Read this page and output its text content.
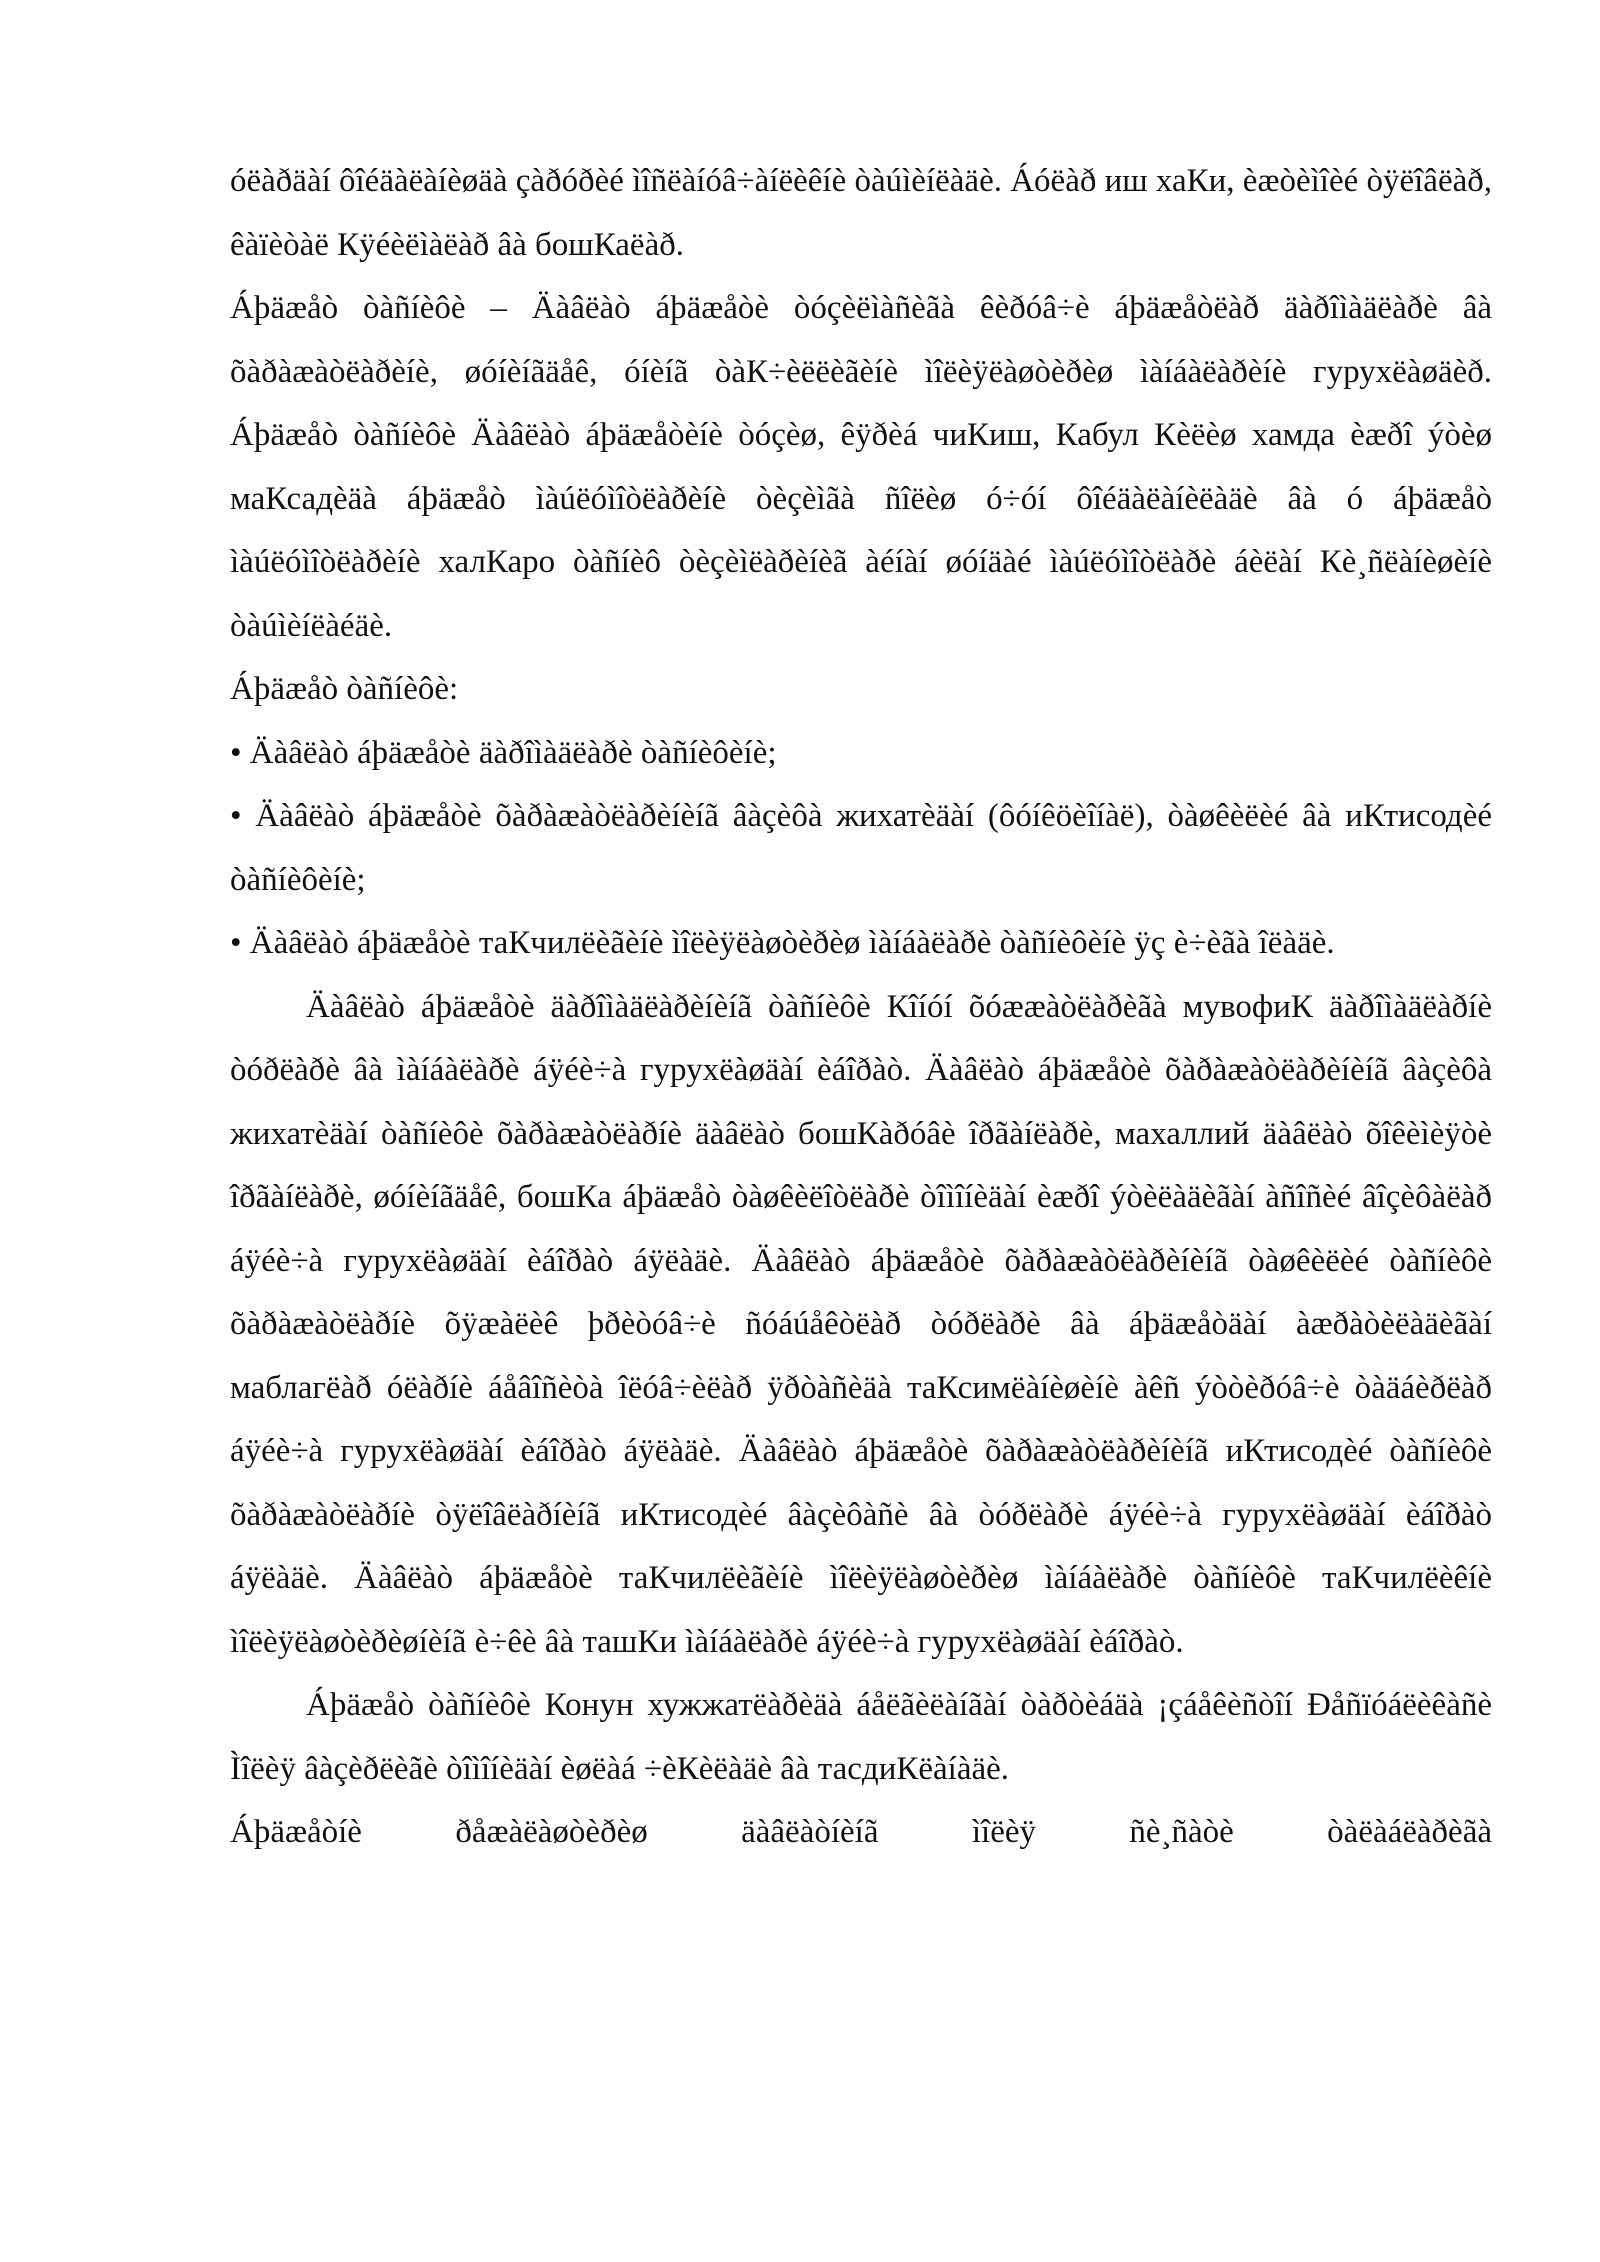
óëàðäàí ôîéäàëàíèøäà çàðóðèé ìîñëàíóâ÷àíëèêíè òàúìèíëàäè. Áóëàð иш хаКи, èæòèìîèé òÿëîâëàð, êàïèòàë Кÿéèëìàëàð âà бошКаëàð.

Áþäæåò òàñíèôè – Äàâëàò áþäæåòè òóçèëìàñèãà êèðóâ÷è áþäæåòëàð äàðîìàäëàðè âà õàðàæàòëàðèíè, øóíèíãäåê, óíèíã òàК÷èëëèãèíè ìîëèÿëàøòèðèø ìàíáàëàðèíè гурухëàøäèð. Áþäæåò òàñíèôè Äàâëàò áþäæåòèíè òóçèø, êÿðèá чиКиш, Кабул Кèëèø хамда èæðî ýòèø маКсадèäà áþäæåò ìàúëóìîòëàðèíè òèçèìãà ñîëèø ó÷óí ôîéäàëàíèëàäè âà ó áþäæåò ìàúëóìîòëàðèíè халКаро òàñíèô òèçèìëàðèíèã àéíàí øóíäàé ìàúëóìîòëàðè áèëàí Кè¸ñëàíèøèíè òàúìèíëàéäè.

Áþäæåò òàñíèôè:

• Äàâëàò áþäæåòè äàðîìàäëàðè òàñíèôèíè;
• Äàâëàò áþäæåòè õàðàæàòëàðèíèíã âàçèôà жихатèäàí (ôóíêöèîíàë), òàøêèëèé âà иКтисодèé òàñíèôèíè;
• Äàâëàò áþäæåòè таКчилëèãèíè ìîëèÿëàøòèðèø ìàíáàëàðè òàñíèôèíè ÿç è÷èãà îëàäè.

Äàâëàò áþäæåòè äàðîìàäëàðèíèíã òàñíèôè Кîíóí õóææàòëàðèãà мувофиК äàðîìàäëàðíè òóðëàðè âà ìàíáàëàðè áÿéè÷à гурухëàøäàí èáîðàò. Äàâëàò áþäæåòè õàðàæàòëàðèíèíã âàçèôà жихатèäàí òàñíèôè õàðàæàòëàðíè äàâëàò бошКàðóâè îðãàíëàðè, махаллий äàâëàò õîêèìèÿòè îðãàíëàðè, øóíèíãäåê, бошКа áþäæåò òàøêèëîòëàðè òîìîíèäàí èæðî ýòèëàäèãàí àñîñèé âîçèôàëàð áÿéè÷à гурухëàøäàí èáîðàò áÿëàäè. Äàâëàò áþäæåòè õàðàæàòëàðèíèíã òàøêèëèé òàñíèôè õàðàæàòëàðíè õÿæàëèê þðèòóâ÷è ñóáúåêòëàð òóðëàðè âà áþäæåòäàí àæðàòèëàäèãàí маблагëàð óëàðíè áåâîñèòà îëóâ÷èëàð ÿðòàñèäà таКсимëàíèøèíè àêñ ýòòèðóâ÷è òàäáèðëàð áÿéè÷à гурухëàøäàí èáîðàò áÿëàäè. Äàâëàò áþäæåòè õàðàæàòëàðèíèíã иКтисодèé òàñíèôè õàðàæàòëàðíè òÿëîâëàðíèíã иКтисодèé âàçèôàñè âà òóðëàðè áÿéè÷à гурухëàøäàí èáîðàò áÿëàäè. Äàâëàò áþäæåòè таКчилëèãèíè ìîëèÿëàøòèðèø ìàíáàëàðè òàñíèôè таКчилëèêíè ìîëèÿëàøòèðèøíèíã è÷êè âà ташКи ìàíáàëàðè áÿéè÷à гурухëàøäàí èáîðàò.

Áþäæåò òàñíèôè Конун хужжатëàðèäà áåëãèëàíãàí òàðòèáäà ¡çáåêèñòîí Ðåñïóáëèêàñè Ìîëèÿ âàçèðëèãè òîìîíèäàí èøëàá ÷èКèëàäè âà тасдиКëàíàäè.

Áþäæåòíè ðåæàëàøòèðèø äàâëàòíèíã ìîëèÿ ñè¸ñàòè òàëàáëàðèãà
